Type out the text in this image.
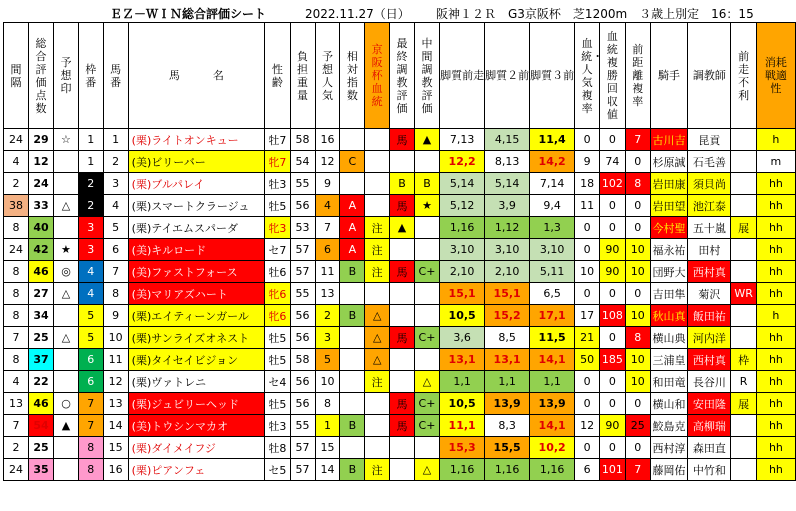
ＥＺ－ＷＩＮ総合評価シート	2022.11.27（日） 阪神１２Ｒ　G3京阪杯　芝1200m　３歳上別定　16：15
間隔	総合評価点数	予想印	枠番	馬番	馬　　　名	性齢	負担重量	予想人気	相対指数	京阪杯血統	最終調教評価	中間調教評価	脚質前走	脚質２前	脚質３前	血統・人気複率	血統複勝回収値	前距離複率	騎手	調教師	前走不利	消耗戦適性
24	29	☆	1	1	(栗)ライトオンキュー	牡7	58	16			馬	▲	7,13	4,15	11,4	0	0	7	古川吉	昆貢		h
4	12		1	2	(美)ビリーバー	牝7	54	12	C				12,2	8,13	14,2	9	74	0	杉原誠	石毛善		m
2	24		2	3	(栗)ブルパレイ	牡3	55	9			B	B	5,14	5,14	7,14	18	102	8	岩田康	須貝尚		hh
38	33	△	2	4	(栗)スマートクラージュ	牡5	56	4	A		馬	★	5,12	3,9	9,4	11	0	0	岩田望	池江泰		hh
8	40		3	5	(栗)テイエムスパーダ	牝3	53	7	A	注	▲		1,16	1,12	1,3	0	0	0	今村聖	五十嵐	展	hh
24	42	★	3	6	(美)キルロード	セ7	57	6	A	注			3,10	3,10	3,10	0	90	10	福永祐	田村		hh
8	46	◎	4	7	(美)ファストフォース	牡6	57	11	B	注	馬	C+	2,10	2,10	5,11	10	90	10	団野大	西村真		hh
8	27	△	4	8	(美)マリアズハート	牝6	55	13					15,1	15,1	6,5	0	0	0	吉田隼	菊沢	WR	hh
8	34		5	9	(栗)エイティーンガール	牝6	56	2	B	△			10,5	15,2	17,1	17	108	10	秋山真	飯田祐		h
7	25	△	5	10	(栗)サンライズオネスト	牡5	56	3		△	馬	C+	3,6	8,5	11,5	21	0	8	横山典	河内洋		hh
8	37		6	11	(栗)タイセイビジョン	牡5	58	5		△			13,1	13,1	14,1	50	185	10	三浦皇	西村真	枠	hh
4	22		6	12	(栗)ヴァトレニ	セ4	56	10		注		△	1,1	1,1	1,1	0	0	10	和田竜	長谷川	R	hh
13	46	○	7	13	(栗)ジュビリーヘッド	牡5	56	8			馬	C+	10,5	13,9	13,9	0	0	0	横山和	安田隆	展	hh
7	54	▲	7	14	(美)トウシンマカオ	牡3	55	1	B		馬	C+	11,1	8,3	14,1	12	90	25	鮫島克	高柳瑞		hh
2	25		8	15	(栗)ダイメイフジ	牡8	57	15					15,3	15,5	10,2	0	0	0	西村淳	森田直		hh
24	35		8	16	(栗)ピアンフェ	セ5	57	14	B	注		△	1,16	1,16	1,16	6	101	7	藤岡佑	中竹和		hh
